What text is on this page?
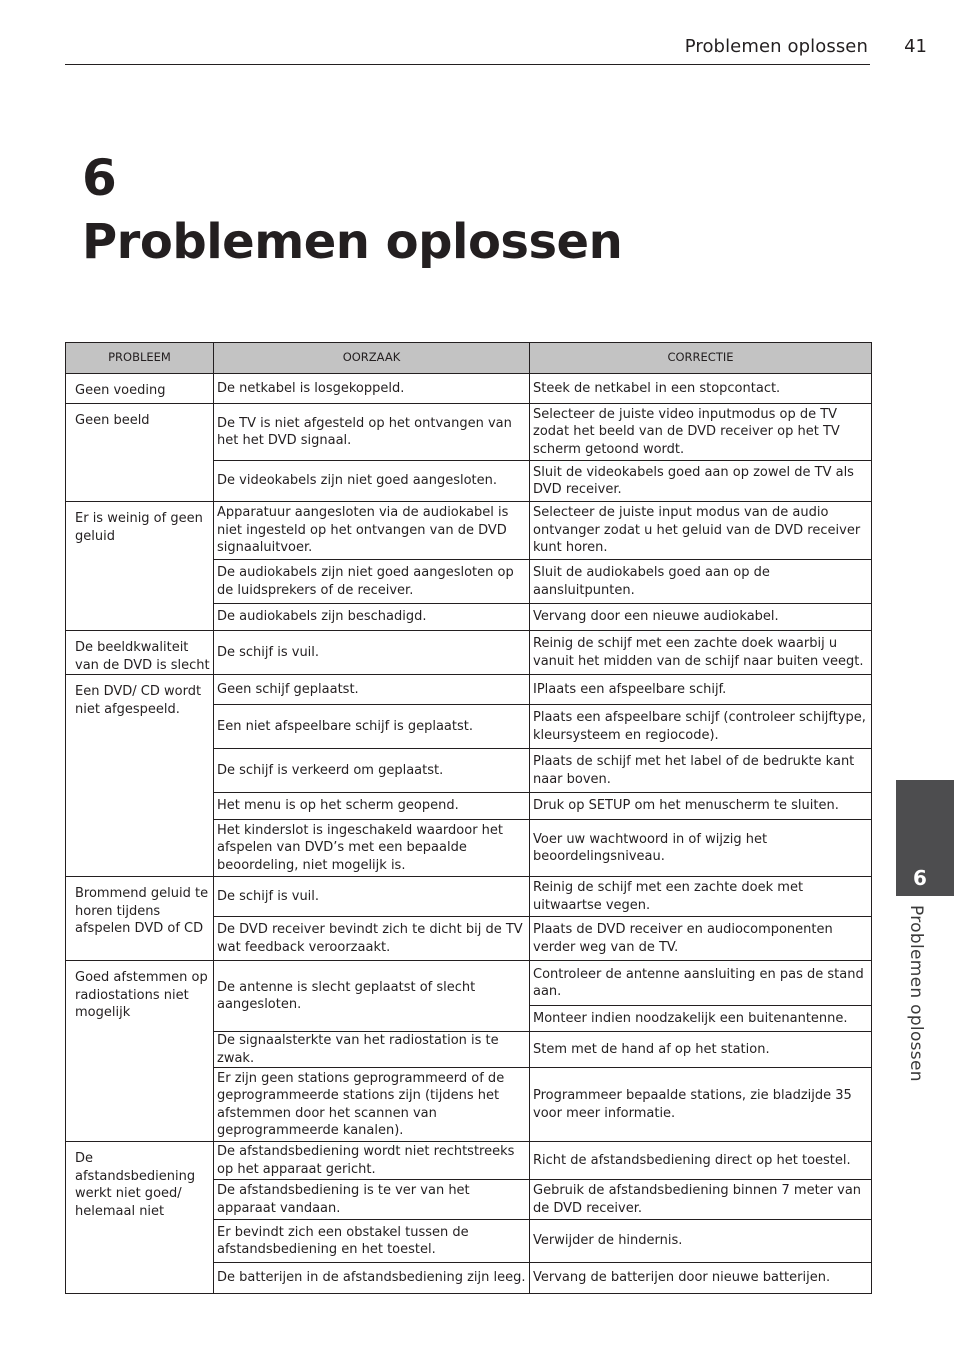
Problemen oplossen 41
6
Problemen oplossen
PROBLEEM	OORZAAK	CORRECTIE
Geen voeding	De netkabel is losgekoppeld.	Steek de netkabel in een stopcontact.
Geen beeld	De TV is niet afgesteld op het ontvangen van het het DVD signaal.	Selecteer de juiste video inputmodus op de TV zodat het beeld van de DVD receiver op het TV scherm getoond wordt.
	De videokabels zijn niet goed aangesloten.	Sluit de videokabels goed aan op zowel de TV als DVD receiver.
Er is weinig of geen geluid	Apparatuur aangesloten via de audiokabel is niet ingesteld op het ontvangen van de DVD signaaluitvoer.	Selecteer de juiste input modus van de audio ontvanger zodat u het geluid van de DVD receiver kunt horen.
	De audiokabels zijn niet goed aangesloten op de luidsprekers of de receiver.	Sluit de audiokabels goed aan op de aansluitpunten.
	De audiokabels zijn beschadigd.	Vervang door een nieuwe audiokabel.
De beeldkwaliteit van de DVD is slecht	De schijf is vuil.	Reinig de schijf met een zachte doek waarbij u vanuit het midden van de schijf naar buiten veegt.
Een DVD/ CD wordt niet afgespeeld.	Geen schijf geplaatst.	IPlaats een afspeelbare schijf.
	Een niet afspeelbare schijf is geplaatst.	Plaats een afspeelbare schijf (controleer schijftype, kleursysteem en regiocode).
	De schijf is verkeerd om geplaatst.	Plaats de schijf met het label of de bedrukte kant naar boven.
	Het menu is op het scherm geopend.	Druk op SETUP om het menuscherm te sluiten.
	Het kinderslot is ingeschakeld waardoor het afspelen van DVD’s met een bepaalde beoordeling, niet mogelijk is.	Voer uw wachtwoord in of wijzig het beoordelingsniveau.
Brommend geluid te horen tijdens afspelen DVD of CD	De schijf is vuil.	Reinig de schijf met een zachte doek met uitwaartse vegen.
	De DVD receiver bevindt zich te dicht bij de TV wat feedback veroorzaakt.	Plaats de DVD receiver en audiocomponenten verder weg van de TV.
Goed afstemmen op radiostations niet mogelijk	De antenne is slecht geplaatst of slecht aangesloten.	Controleer de antenne aansluiting en pas de stand aan.
		Monteer indien noodzakelijk een buitenantenne.
	De signaalsterkte van het radiostation is te zwak.	Stem met de hand af op het station.
	Er zijn geen stations geprogrammeerd of de geprogrammeerde stations zijn (tijdens het afstemmen door het scannen van geprogrammeerde kanalen).	Programmeer bepaalde stations, zie bladzijde 35 voor meer informatie.
De afstandsbediening werkt niet goed/ helemaal niet	De afstandsbediening wordt niet rechtstreeks op het apparaat gericht.	Richt de afstandsbediening direct op het toestel.
	De afstandsbediening is te ver van het apparaat vandaan.	Gebruik de afstandsbediening binnen 7 meter van de DVD receiver.
	Er bevindt zich een obstakel tussen de afstandsbediening en het toestel.	Verwijder de hindernis.
	De batterijen in de afstandsbediening zijn leeg.	Vervang de batterijen door nieuwe batterijen.
6
Problemen oplossen
